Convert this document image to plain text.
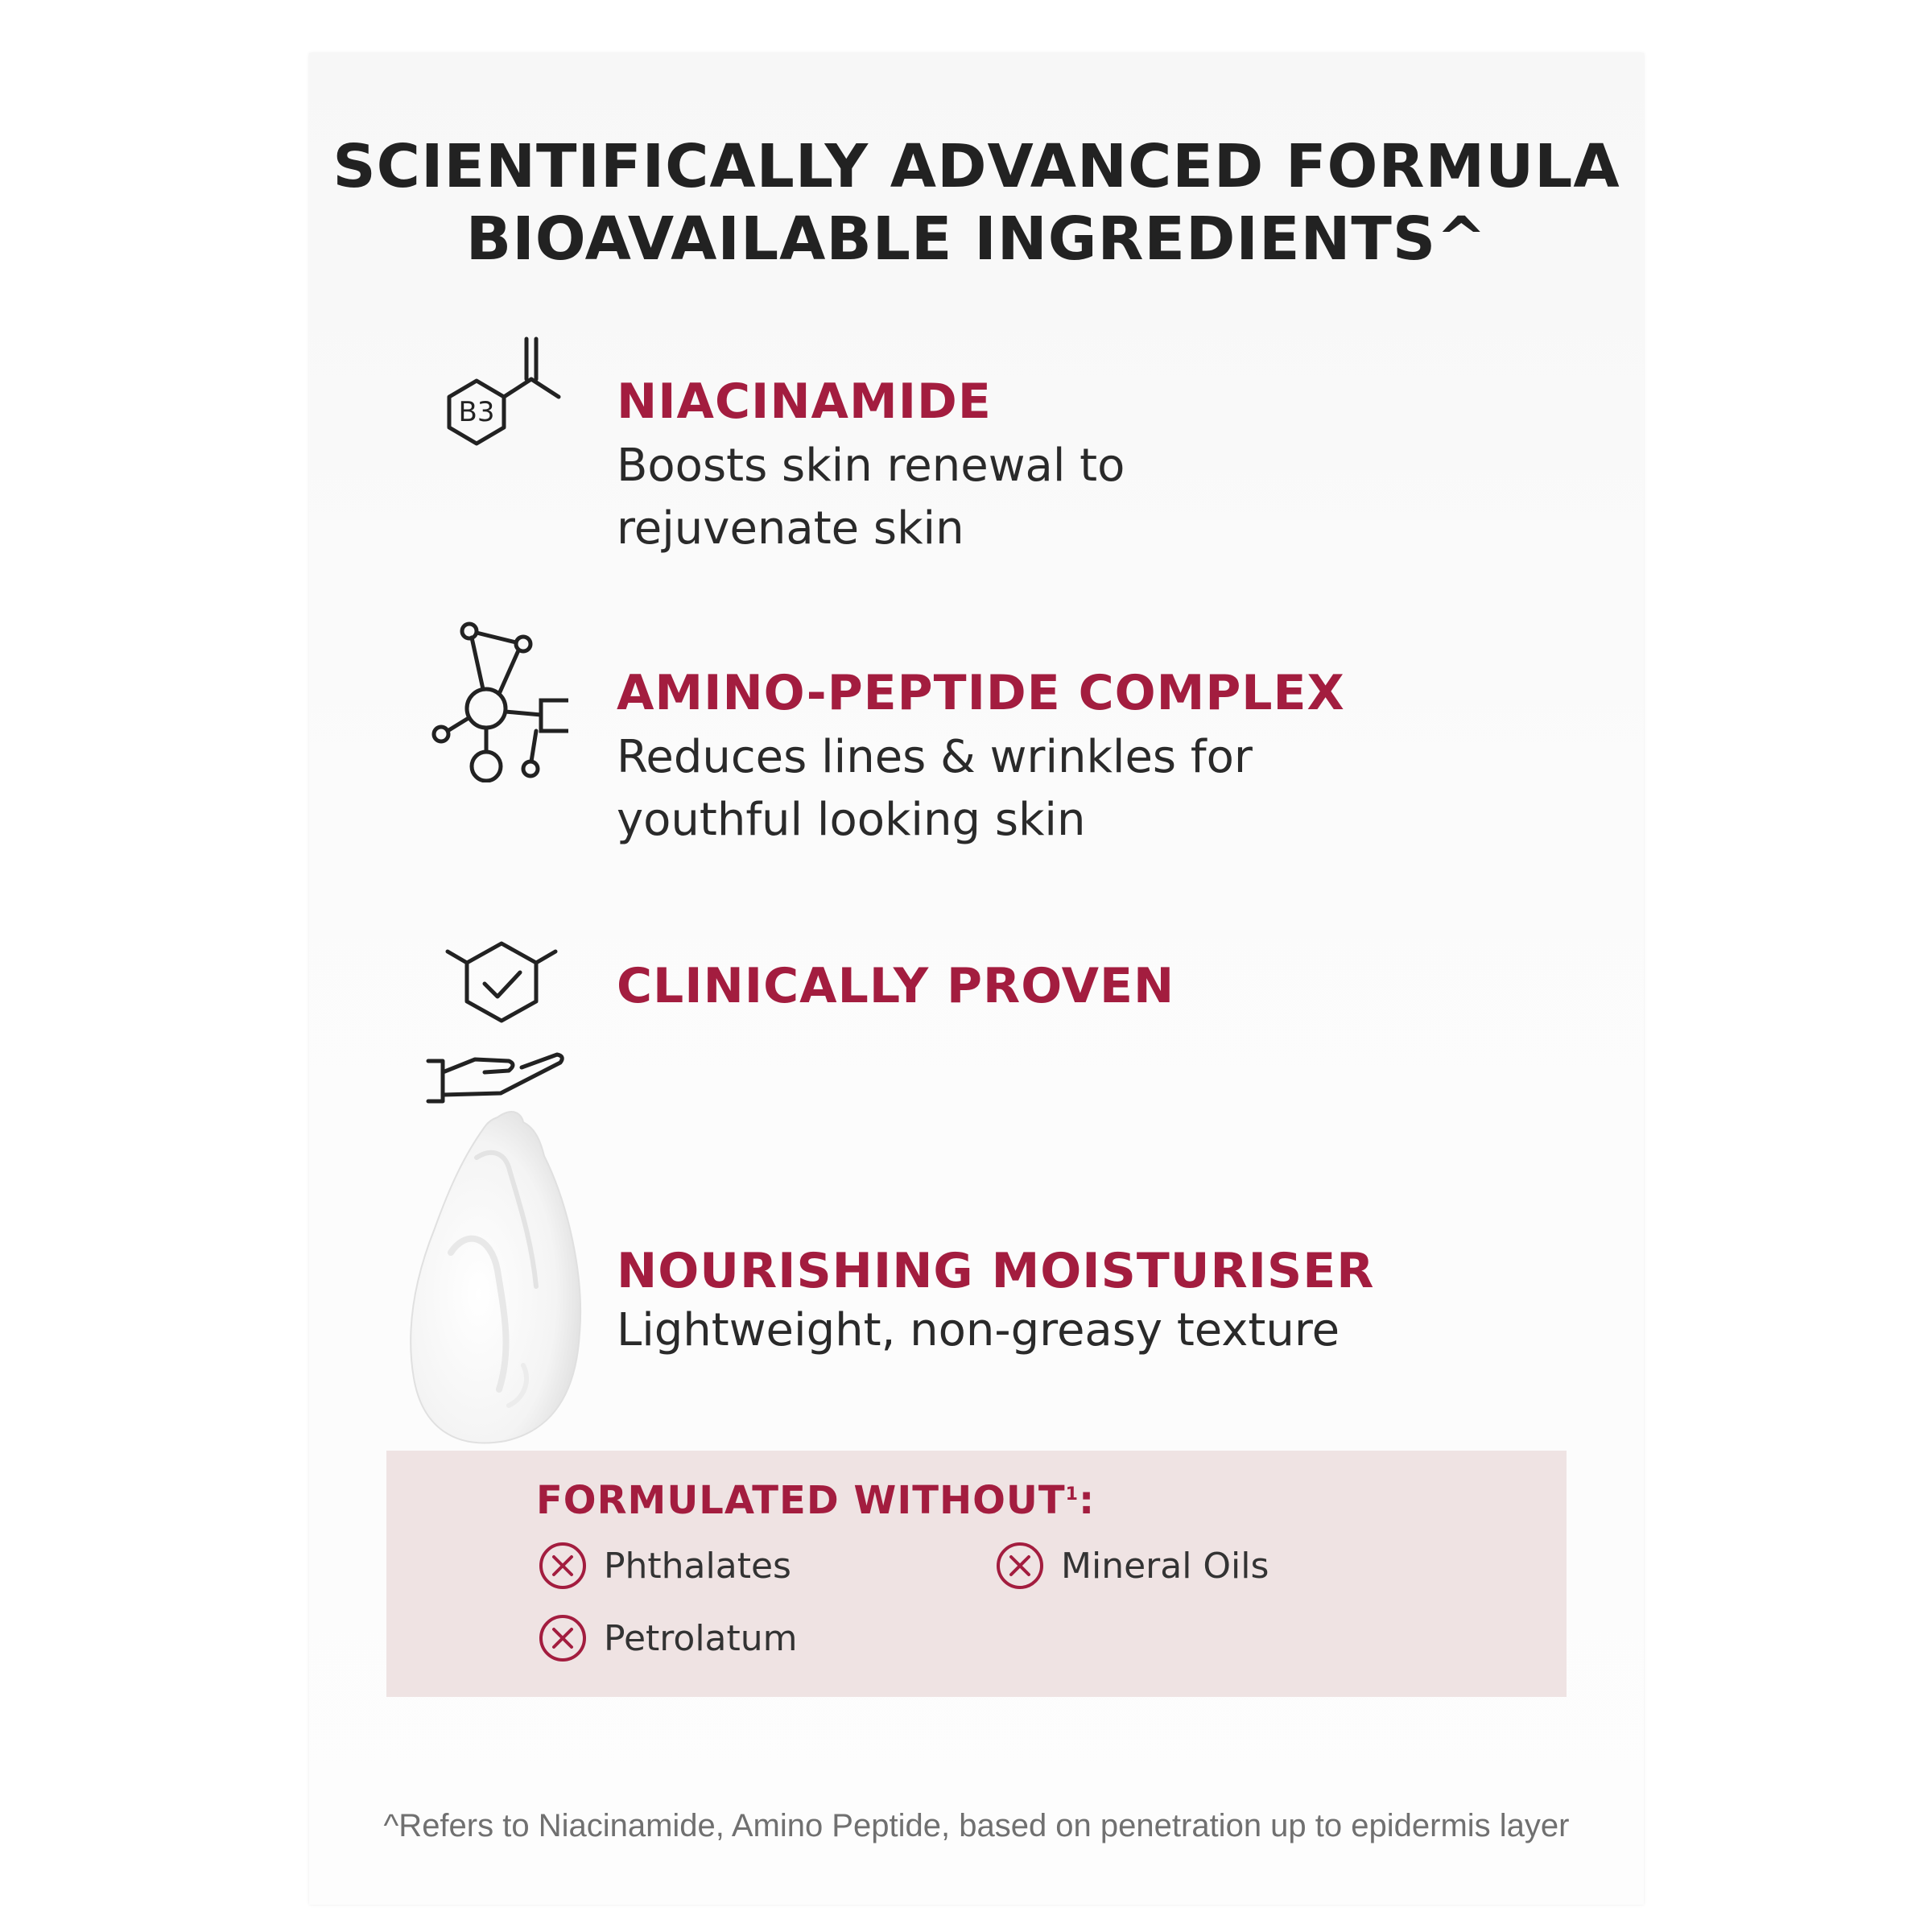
SCIENTIFICALLY ADVANCED FORMULA
BIOAVAILABLE INGREDIENTS^
B3	NIACINAMIDE
Boosts skin renewal to
rejuvenate skin
AMINO-PEPTIDE COMPLEX
Reduces lines & wrinkles for
youthful looking skin
CLINICALLY PROVEN
NOURISHING MOISTURISER
Lightweight, non-greasy texture
FORMULATED WITHOUT$^1$:
Phthalates	Mineral Oils
Petrolatum
^Refers to Niacinamide, Amino Peptide, based on penetration up to epidermis layer
